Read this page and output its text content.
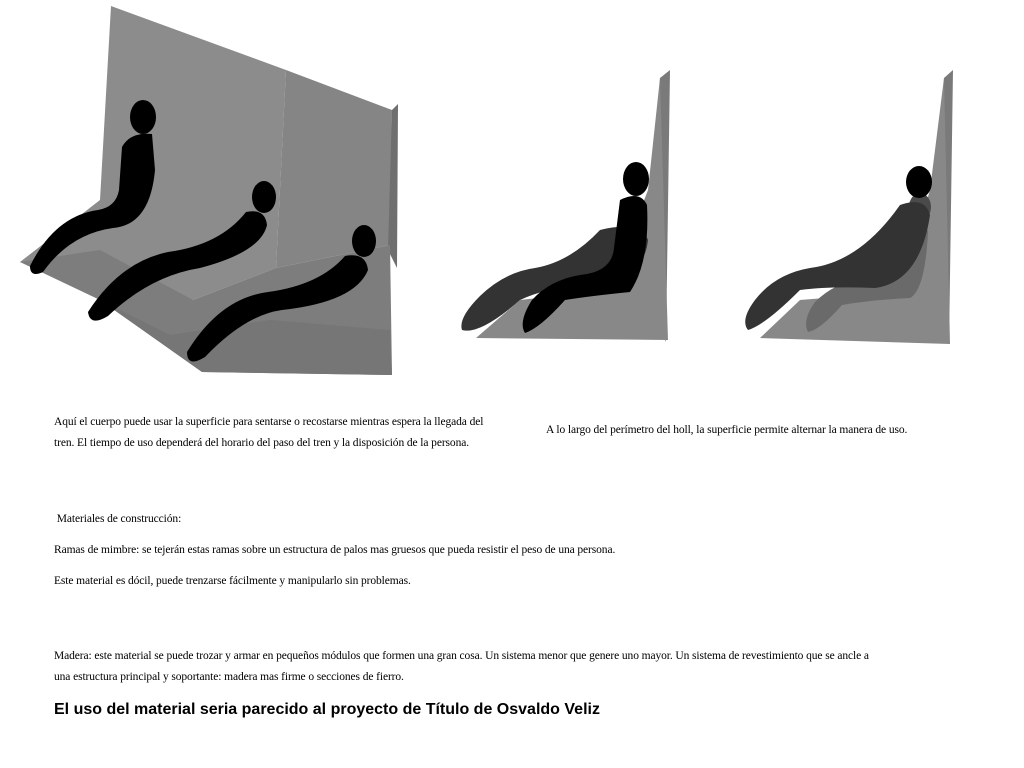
Aquí el cuerpo puede usar la superficie para sentarse o recostarse mientras espera la llegada del tren. El tiempo de uso dependerá del horario del paso del tren y la disposición de la persona.

A lo largo del perímetro del holl, la superficie permite alternar la manera de uso.

Materiales de construcción:

Ramas de mimbre: se tejerán estas ramas sobre un estructura de palos mas gruesos que pueda resistir el peso de una persona.

Este material es dócil, puede trenzarse fácilmente y manipularlo sin problemas.

Madera: este material se puede trozar y armar en pequeños módulos que formen una gran cosa. Un sistema menor que genere uno mayor. Un sistema de revestimiento que se ancle a una estructura principal y soportante: madera mas firme o secciones de fierro.

El uso del material seria parecido al proyecto de Título de Osvaldo Veliz
